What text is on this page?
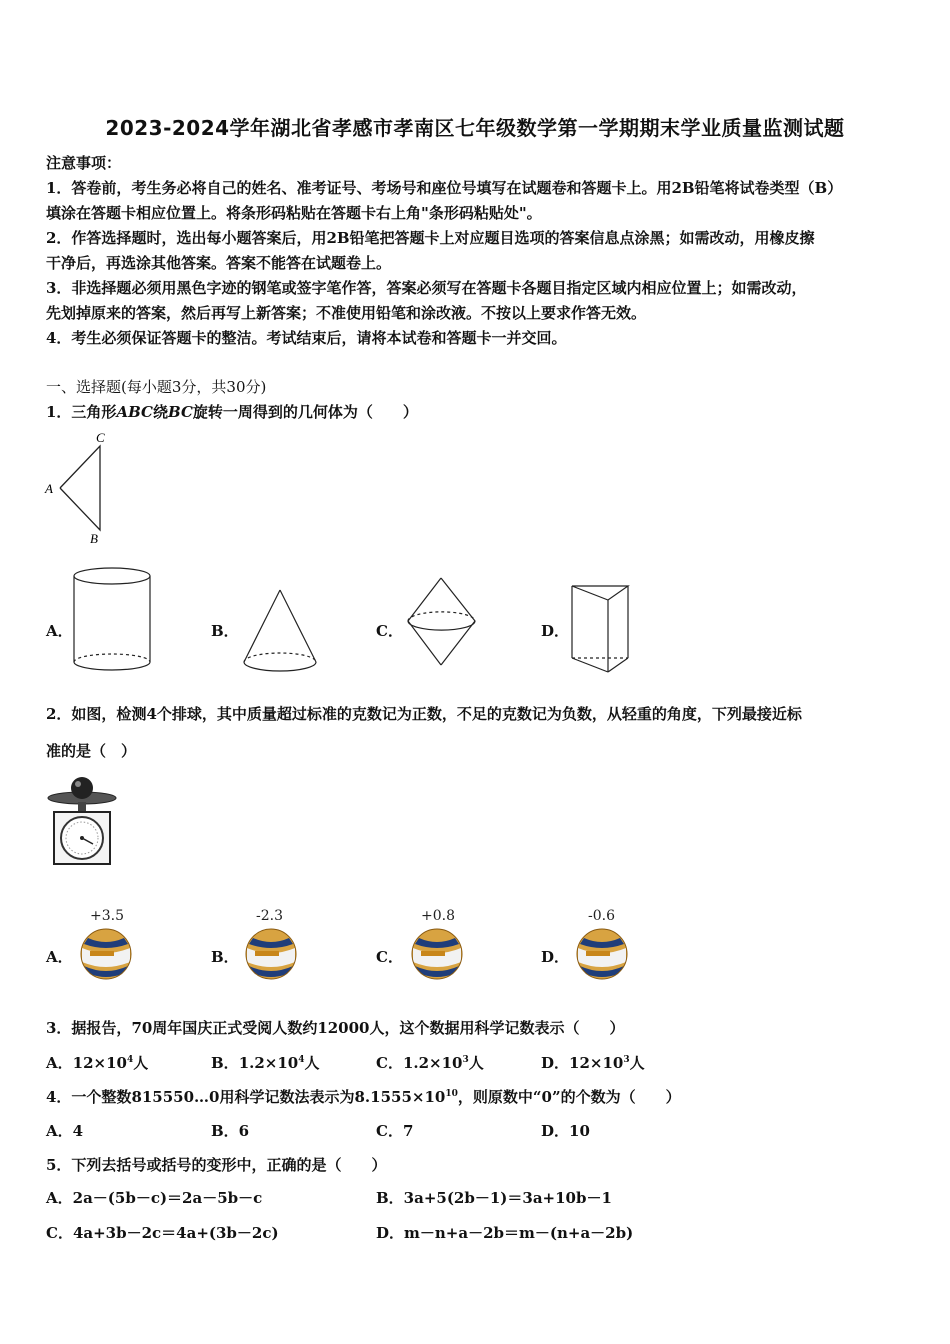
2023-2024学年湖北省孝感市孝南区七年级数学第一学期期末学业质量监测试题
注意事项：
1．答卷前，考生务必将自己的姓名、准考证号、考场号和座位号填写在试题卷和答题卡上。用2B铅笔将试卷类型（B）
填涂在答题卡相应位置上。将条形码粘贴在答题卡右上角"条形码粘贴处"。
2．作答选择题时，选出每小题答案后，用2B铅笔把答题卡上对应题目选项的答案信息点涂黑；如需改动，用橡皮擦
干净后，再选涂其他答案。答案不能答在试题卷上。
3．非选择题必须用黑色字迹的钢笔或签字笔作答，答案必须写在答题卡各题目指定区域内相应位置上；如需改动，
先划掉原来的答案，然后再写上新答案；不准使用铅笔和涂改液。不按以上要求作答无效。
4．考生必须保证答题卡的整洁。考试结束后，请将本试卷和答题卡一并交回。
一、选择题(每小题3分，共30分)
1．三角形ABC绕BC旋转一周得到的几何体为（　　）
C
A
B
A．	B．	C．	D．
2．如图，检测4个排球，其中质量超过标准的克数记为正数，不足的克数记为负数，从轻重的角度，下列最接近标
准的是（　）
A．
+3.5
B．
-2.3
C．
+0.8
D．
-0.6
3．据报告，70周年国庆正式受阅人数约12000人，这个数据用科学记数表示（　　）
A．$12\times 10^4$人	B．$1.2\times 10^4$人	C．$1.2\times 10^3$人	D．$12\times 10^3$人
4．一个整数815550…0用科学记数法表示为$8.1555\times 10^{10}$，则原数中“0”的个数为（　　）
A．4	B．6	C．7	D．10
5．下列去括号或括号的变形中，正确的是（　　）
A．2a－(5b－c)＝2a－5b－c	B．3a+5(2b－1)＝3a+10b－1
C．4a+3b－2c＝4a+(3b－2c)	D．m－n+a－2b＝m－(n+a－2b)
